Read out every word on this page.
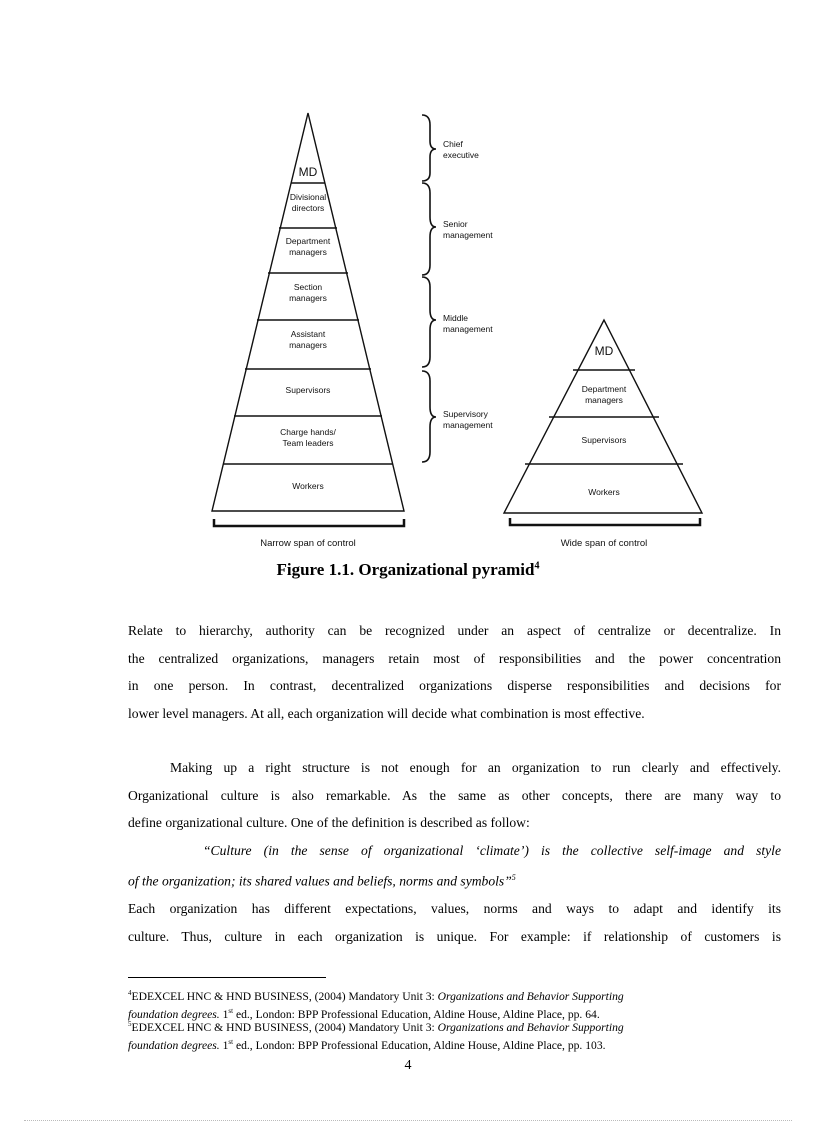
MD
Divisional directors
Department managers
Section managers
Assistant managers
Supervisors
Charge hands/ Team leaders
Workers
Narrow span of control
Chief executive
Senior management
Middle management
Supervisory management
MD
Department managers
Supervisors
Workers
Wide span of control
Figure 1.1. Organizational pyramid$^4$
Relate to hierarchy, authority can be recognized under an aspect of centralize or decentralize. In
the centralized organizations, managers retain most of responsibilities and the power concentration
in one person. In contrast, decentralized organizations disperse responsibilities and decisions for
lower level managers. At all, each organization will decide what combination is most effective.
Making up a right structure is not enough for an organization to run clearly and effectively.
Organizational culture is also remarkable. As the same as other concepts, there are many way to
define organizational culture. One of the definition is described as follow:
“Culture (in the sense of organizational ‘climate’) is the collective self-image and style
of the organization; its shared values and beliefs, norms and symbols”$^5$
Each organization has different expectations, values, norms and ways to adapt and identify its
culture. Thus, culture in each organization is unique. For example: if relationship of customers is
$^4$EDEXCEL HNC & HND BUSINESS, (2004) Mandatory Unit 3: Organizations and Behavior Supporting
foundation degrees. 1st ed., London: BPP Professional Education, Aldine House, Aldine Place, pp. 64.
$^5$EDEXCEL HNC & HND BUSINESS, (2004) Mandatory Unit 3: Organizations and Behavior Supporting
foundation degrees. 1st ed., London: BPP Professional Education, Aldine House, Aldine Place, pp. 103.
4
